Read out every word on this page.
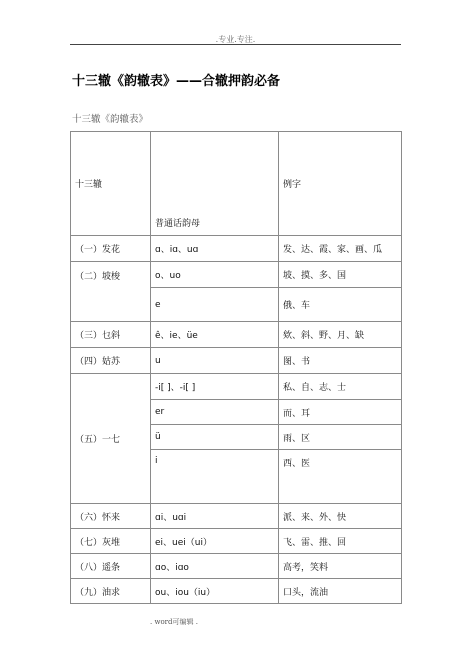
.专业.专注.
十三辙《韵辙表》——合辙押韵必备
十三辙《韵辙表》
十三辙	普通话韵母	例字
（一）发花	ɑ、iɑ、uɑ	发、达、霞、家、画、瓜
（二）坡梭	o、uo	坡、摸、多、国
	e	俄、车
（三）乜斜	ê、ie、üe	欸、斜、野、月、缺
（四）姑苏	u	图、书
（五）一七	-i[ ]、-i[ ]	私、自、志、士
	er	而、耳
	ü	雨、区
	i	西、医
（六）怀来	ɑi、uɑi	派、来、外、快
（七）灰堆	ei、uei（ui）	飞、雷、推、回
（八）遥条	ɑo、iɑo	高考，笑料
（九）油求	ou、iou（iu）	口头，流油
. word可编辑 .
